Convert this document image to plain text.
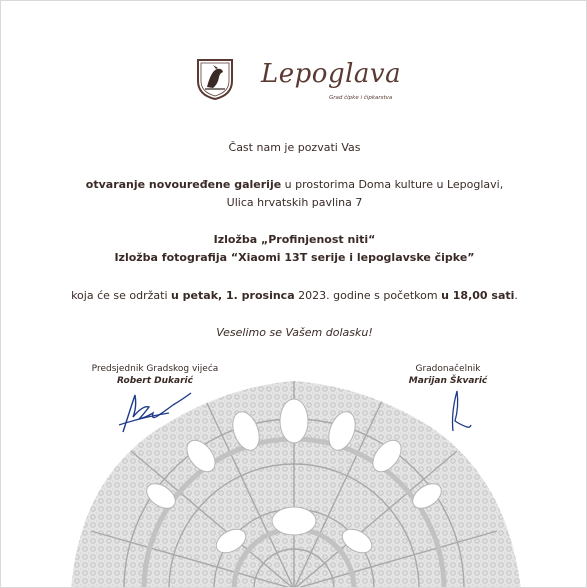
Lepoglava
Grad čipke i čipkarstva
Čast nam je pozvati Vas
otvaranje novouređene galerije u prostorima Doma kulture u Lepoglavi,
Ulica hrvatskih pavlina 7
Izložba „Profinjenost niti“
Izložba fotografija “Xiaomi 13T serije i lepoglavske čipke”
koja će se održati u petak, 1. prosinca 2023. godine s početkom u 18,00 sati.
Veselimo se Vašem dolasku!
Predsjednik Gradskog vijeća
Robert Dukarić
Gradonačelnik
Marijan Škvarić
